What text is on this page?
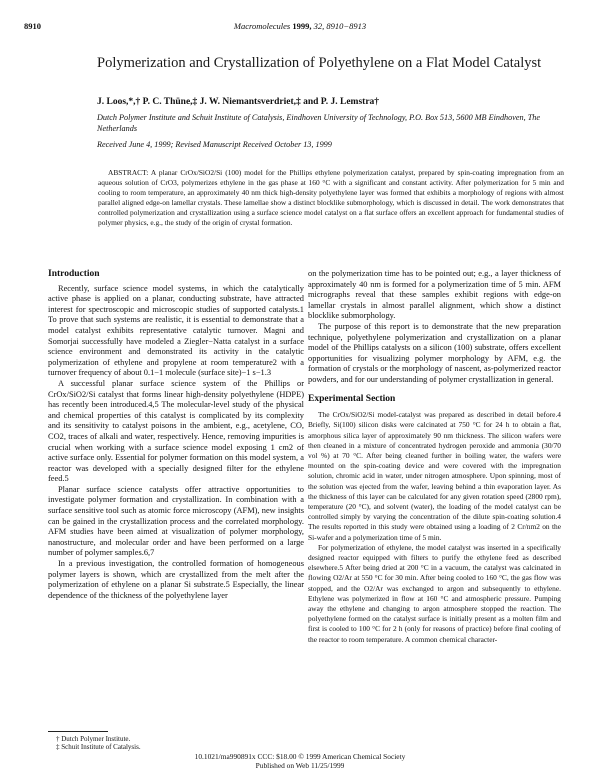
8910	Macromolecules 1999, 32, 8910−8913
Polymerization and Crystallization of Polyethylene on a Flat Model Catalyst
J. Loos,*,† P. C. Thüne,‡ J. W. Niemantsverdriet,‡ and P. J. Lemstra†
Dutch Polymer Institute and Schuit Institute of Catalysis, Eindhoven University of Technology, P.O. Box 513, 5600 MB Eindhoven, The Netherlands
Received June 4, 1999; Revised Manuscript Received October 13, 1999

ABSTRACT: A planar CrOx/SiO2/Si (100) model for the Phillips ethylene polymerization catalyst, prepared by spin-coating impregnation from an aqueous solution of CrO3, polymerizes ethylene in the gas phase at 160 °C with a significant and constant activity. After polymerization for 5 min and cooling to room temperature, an approximately 40 nm thick high-density polyethylene layer was formed that exhibits a morphology of regions with almost parallel aligned edge-on lamellar crystals. These lamellae show a distinct blocklike submorphology, which is discussed in detail. The work demonstrates that controlled polymerization and crystallization using a surface science model catalyst on a flat surface offers an excellent approach for fundamental studies of polymer physics, e.g., the study of the origin of crystal formation.

Introduction

Recently, surface science model systems, in which the catalytically active phase is applied on a planar, conducting substrate, have attracted interest for spectroscopic and microscopic studies of supported catalysts.1 To prove that such systems are realistic, it is essential to demonstrate that a model catalyst exhibits representative catalytic turnover. Magni and Somorjai successfully have modeled a Ziegler−Natta catalyst in a surface science environment and demonstrated its activity in the catalytic polymerization of ethylene and propylene at room temperature2 with a turnover frequency of about 0.1−1 molecule (surface site)−1 s−1.3

A successful planar surface science system of the Phillips or CrOx/SiO2/Si catalyst that forms linear high-density polyethylene (HDPE) has recently been introduced.4,5 The molecular-level study of the physical and chemical properties of this catalyst is complicated by its complexity and its sensitivity to catalyst poisons in the ambient, e.g., acetylene, CO, CO2, traces of alkali and water, respectively. Hence, removing impurities is crucial when working with a surface science model exposing 1 cm2 of active surface only. Essential for polymer formation on this model system, a reactor was developed with a specially designed filter for the ethylene feed.5

Planar surface science catalysts offer attractive opportunities to investigate polymer formation and crystallization. In combination with a surface sensitive tool such as atomic force microscopy (AFM), new insights can be gained in the crystallization process and the correlated morphology. AFM studies have been aimed at visualization of polymer morphology, nanostructure, and molecular order and have been performed on a large number of polymer samples.6,7

In a previous investigation, the controlled formation of homogeneous polymer layers is shown, which are crystallized from the melt after the polymerization of ethylene on a planar Si substrate.5 Especially, the linear dependence of the thickness of the polyethylene layer

† Dutch Polymer Institute.
‡ Schuit Institute of Catalysis.

on the polymerization time has to be pointed out; e.g., a layer thickness of approximately 40 nm is formed for a polymerization time of 5 min. AFM micrographs reveal that these samples exhibit regions with edge-on lamellar crystals in almost parallel alignment, which show a distinct blocklike submorphology.

The purpose of this report is to demonstrate that the new preparation technique, polyethylene polymerization and crystallization on a planar model of the Phillips catalysts on a silicon (100) substrate, offers excellent opportunities for visualizing polymer morphology by AFM, e.g. the formation of crystals or the morphology of nascent, as-polymerized reactor powders, and for our understanding of polymer crystallization in general.

Experimental Section

The CrOx/SiO2/Si model-catalyst was prepared as described in detail before.4 Briefly, Si(100) silicon disks were calcinated at 750 °C for 24 h to obtain a flat, amorphous silica layer of approximately 90 nm thickness. The silicon wafers were then cleaned in a mixture of concentrated hydrogen peroxide and ammonia (30/70 vol %) at 70 °C. After being cleaned further in boiling water, the wafers were mounted on the spin-coating device and were covered with the impregnation solution, chromic acid in water, under nitrogen atmosphere. Upon spinning, most of the solution was ejected from the wafer, leaving behind a thin evaporation layer. As the thickness of this layer can be calculated for any given rotation speed (2800 rpm), temperature (20 °C), and solvent (water), the loading of the model catalyst can be controlled simply by varying the concentration of the dilute spin-coating solution.4 The results reported in this study were obtained using a loading of 2 Cr/nm2 on the Si-wafer and a polymerization time of 5 min.

For polymerization of ethylene, the model catalyst was inserted in a specifically designed reactor equipped with filters to purify the ethylene feed as described elsewhere.5 After being dried at 200 °C in a vacuum, the catalyst was calcinated in flowing O2/Ar at 550 °C for 30 min. After being cooled to 160 °C, the gas flow was stopped, and the O2/Ar was exchanged to argon and subsequently to ethylene. Ethylene was polymerized in flow at 160 °C and atmospheric pressure. Pumping away the ethylene and changing to argon atmosphere stopped the reaction. The polyethylene formed on the catalyst surface is initially present as a molten film and first is cooled to 100 °C for 2 h (only for reasons of practice) before final cooling of the reactor to room temperature. A common chemical character-

10.1021/ma990891x CCC: $18.00 © 1999 American Chemical Society
Published on Web 11/25/1999
